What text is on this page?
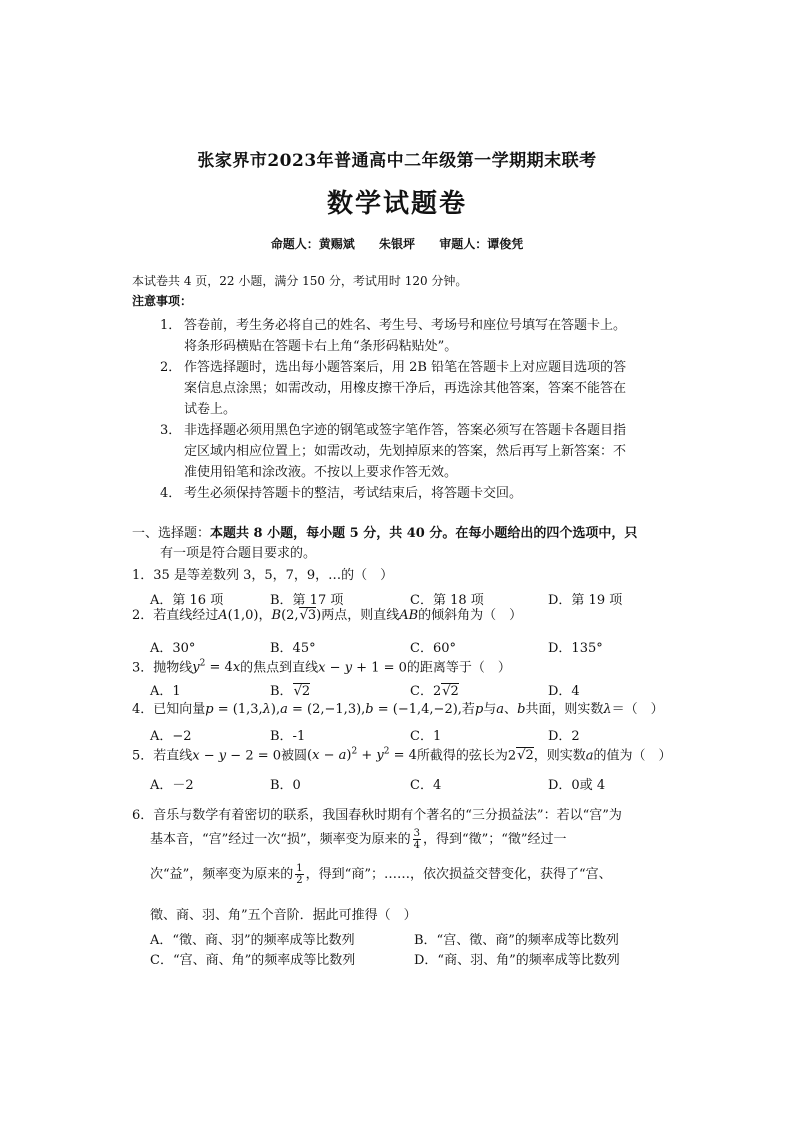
张家界市2023年普通高中二年级第一学期期末联考
数学试题卷
命题人：黄赐斌 朱银坪 审题人：谭俊凭
本试卷共 4 页，22 小题，满分 150 分，考试用时 120 分钟。
注意事项：
1． 答卷前，考生务必将自己的姓名、考生号、考场号和座位号填写在答题卡上。
将条形码横贴在答题卡右上角“条形码粘贴处”。
2． 作答选择题时，选出每小题答案后，用 2B 铅笔在答题卡上对应题目选项的答
案信息点涂黑；如需改动，用橡皮擦干净后，再选涂其他答案，答案不能答在
试卷上。
3． 非选择题必须用黑色字迹的钢笔或签字笔作答，答案必须写在答题卡各题目指
定区域内相应位置上；如需改动，先划掉原来的答案，然后再写上新答案：不
准使用铅笔和涂改液。不按以上要求作答无效。
4． 考生必须保持答题卡的整洁，考试结束后，将答题卡交回。
一、选择题：本题共 8 小题，每小题 5 分，共 40 分。在每小题给出的四个选项中，只
有一项是符合题目要求的。
1．35 是等差数列 3，5，7，9，…的（　）
A．第 16 项	B．第 17 项	C．第 18 项	D．第 19 项
2．若直线经过A(1,0)，B(2,√3)两点，则直线AB的倾斜角为（　）
A．30°	B．45°	C．60°	D．135°
3．抛物线$y^2 = 4x$的焦点到直线x − y + 1 = 0的距离等于（　）
A．1	B．√2	C．2√2	D．4
4．已知向量p = (1,3,λ),a = (2,−1,3),b = (−1,4,−2),若p与a、b共面，则实数λ＝（　）
A．−2	B．-1	C．1	D．2
5．若直线x − y − 2 = 0被圆$(x - a)^2 + y^2 = 4$所截得的弦长为2√2，则实数a的值为（　）
A．－2	B．0	C．4	D．0或 4
6．音乐与数学有着密切的联系，我国春秋时期有个著名的“三分损益法”：若以“宫”为
基本音，“宫”经过一次“损”，频率变为原来的 $\frac{3}{4}$ ，得到“徵”；“徵”经过一
次“益”，频率变为原来的 $\frac{1}{2}$ ，得到“商”；……，依次损益交替变化，获得了“宫、
徵、商、羽、角”五个音阶．据此可推得（　）
A．“徵、商、羽”的频率成等比数列	B．“宫、徵、商”的频率成等比数列
C．“宫、商、角”的频率成等比数列	D．“商、羽、角”的频率成等比数列
